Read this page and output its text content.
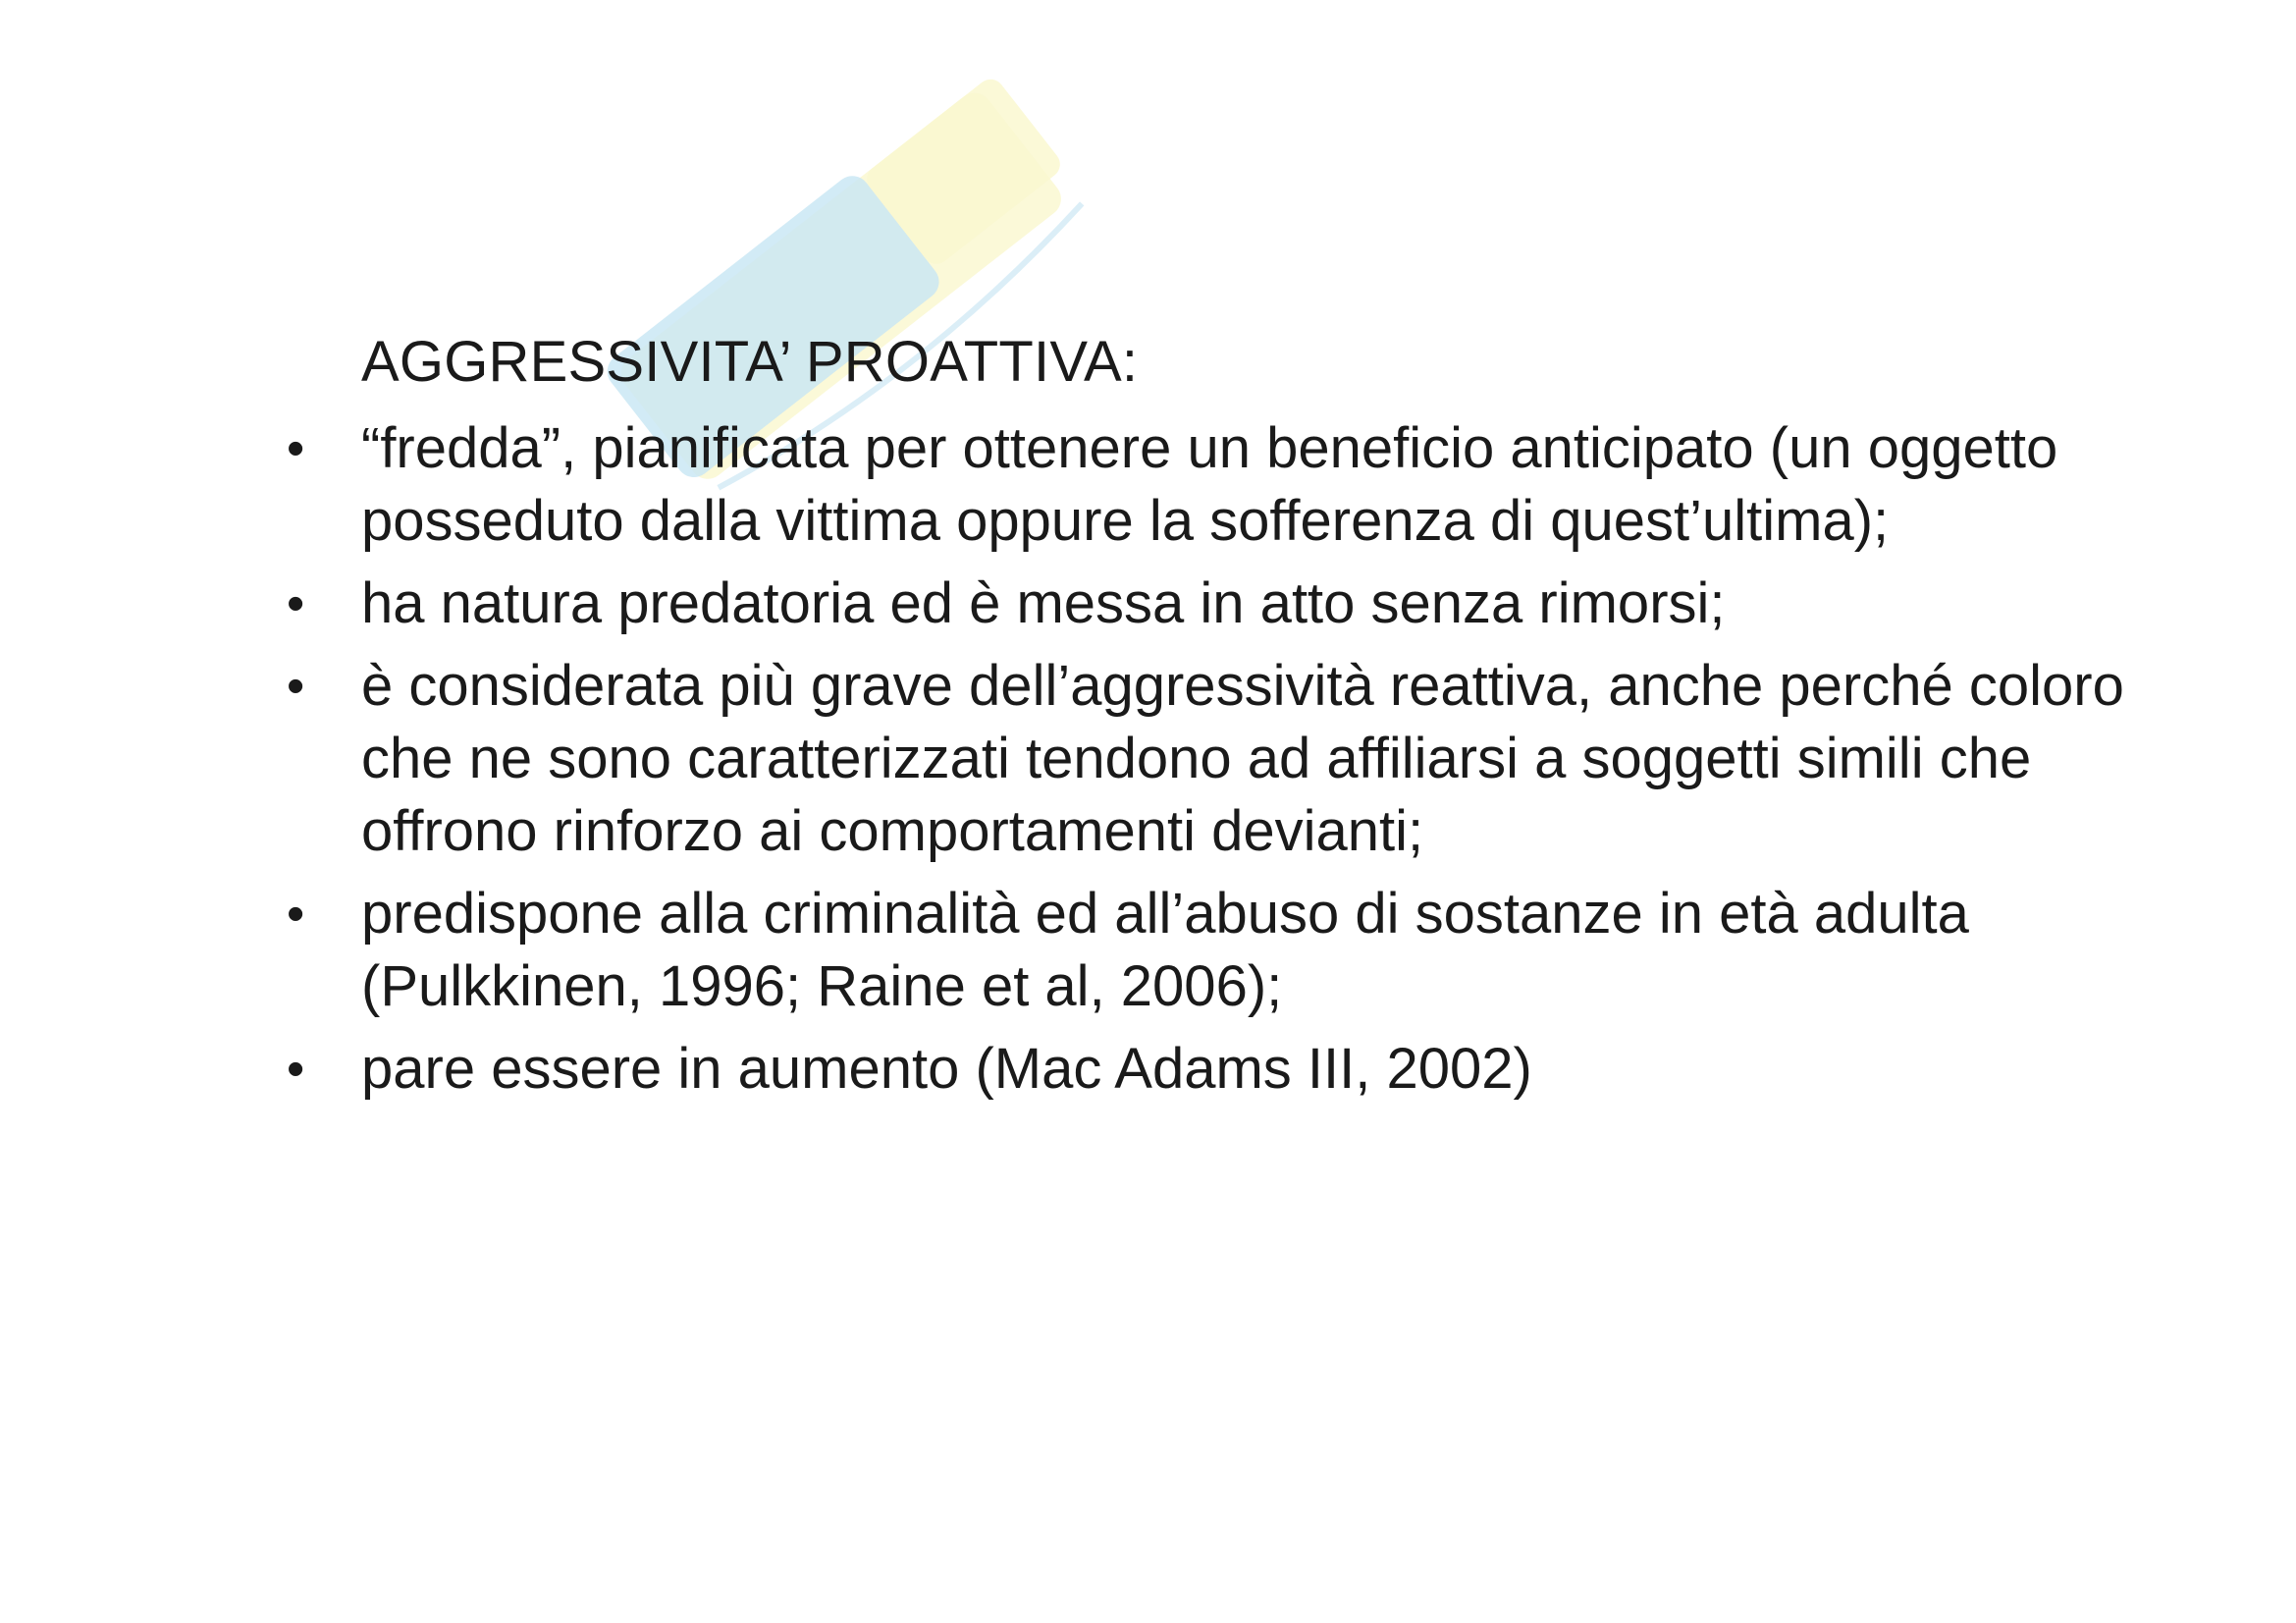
AGGRESSIVITA’ PROATTIVA:
• “fredda”, pianificata per ottenere un beneficio anticipato (un oggetto posseduto dalla vittima oppure la sofferenza di quest’ultima);
• ha natura predatoria ed è messa in atto senza rimorsi;
• è considerata più grave dell’aggressività reattiva, anche perché coloro che ne sono caratterizzati tendono ad affiliarsi a soggetti simili che offrono rinforzo ai comportamenti devianti;
• predispone alla criminalità ed all’abuso di sostanze in età adulta (Pulkkinen, 1996; Raine et al, 2006);
• pare essere in aumento (Mac Adams III, 2002)
